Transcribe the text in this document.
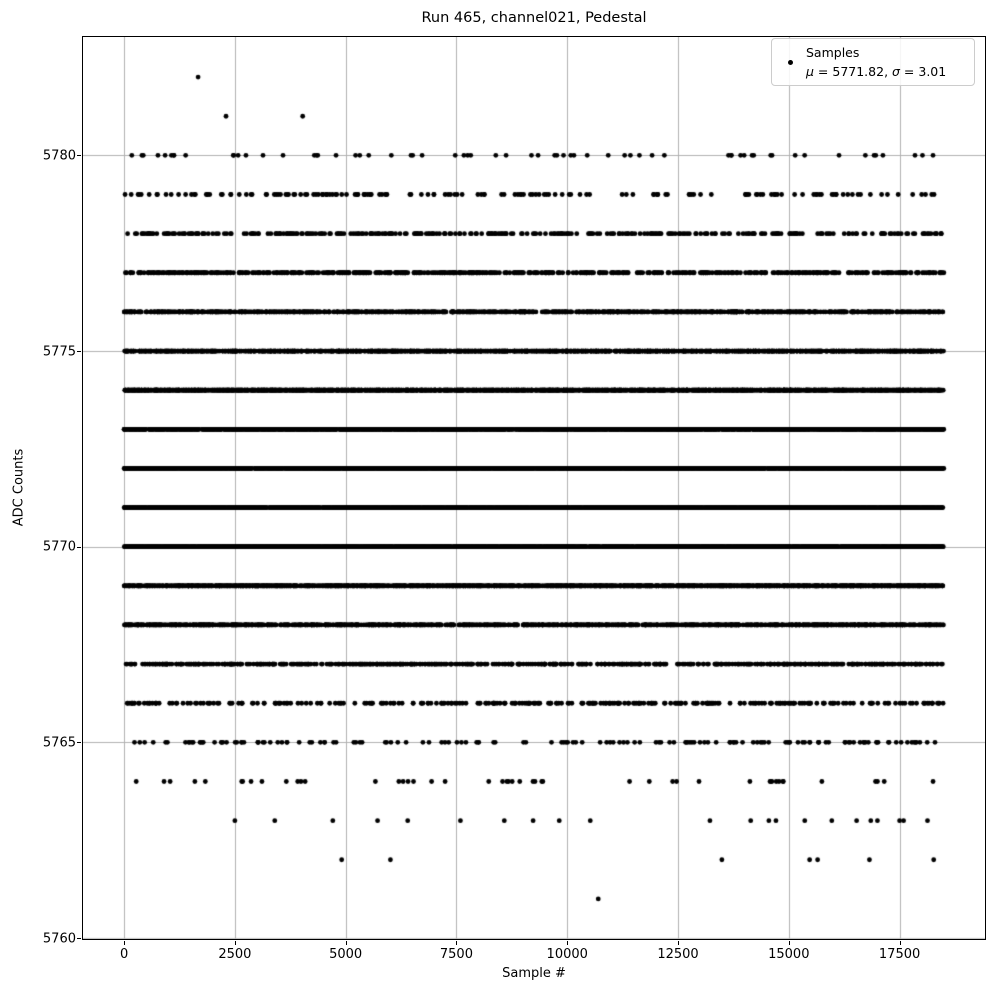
Run 465, channel021, Pedestal
ADC Counts
0	2500	5000	7500	10000	12500	15000	17500
5760
5765
5770
5775
5780
Sample #
Samples
μ = 5771.82, σ = 3.01
